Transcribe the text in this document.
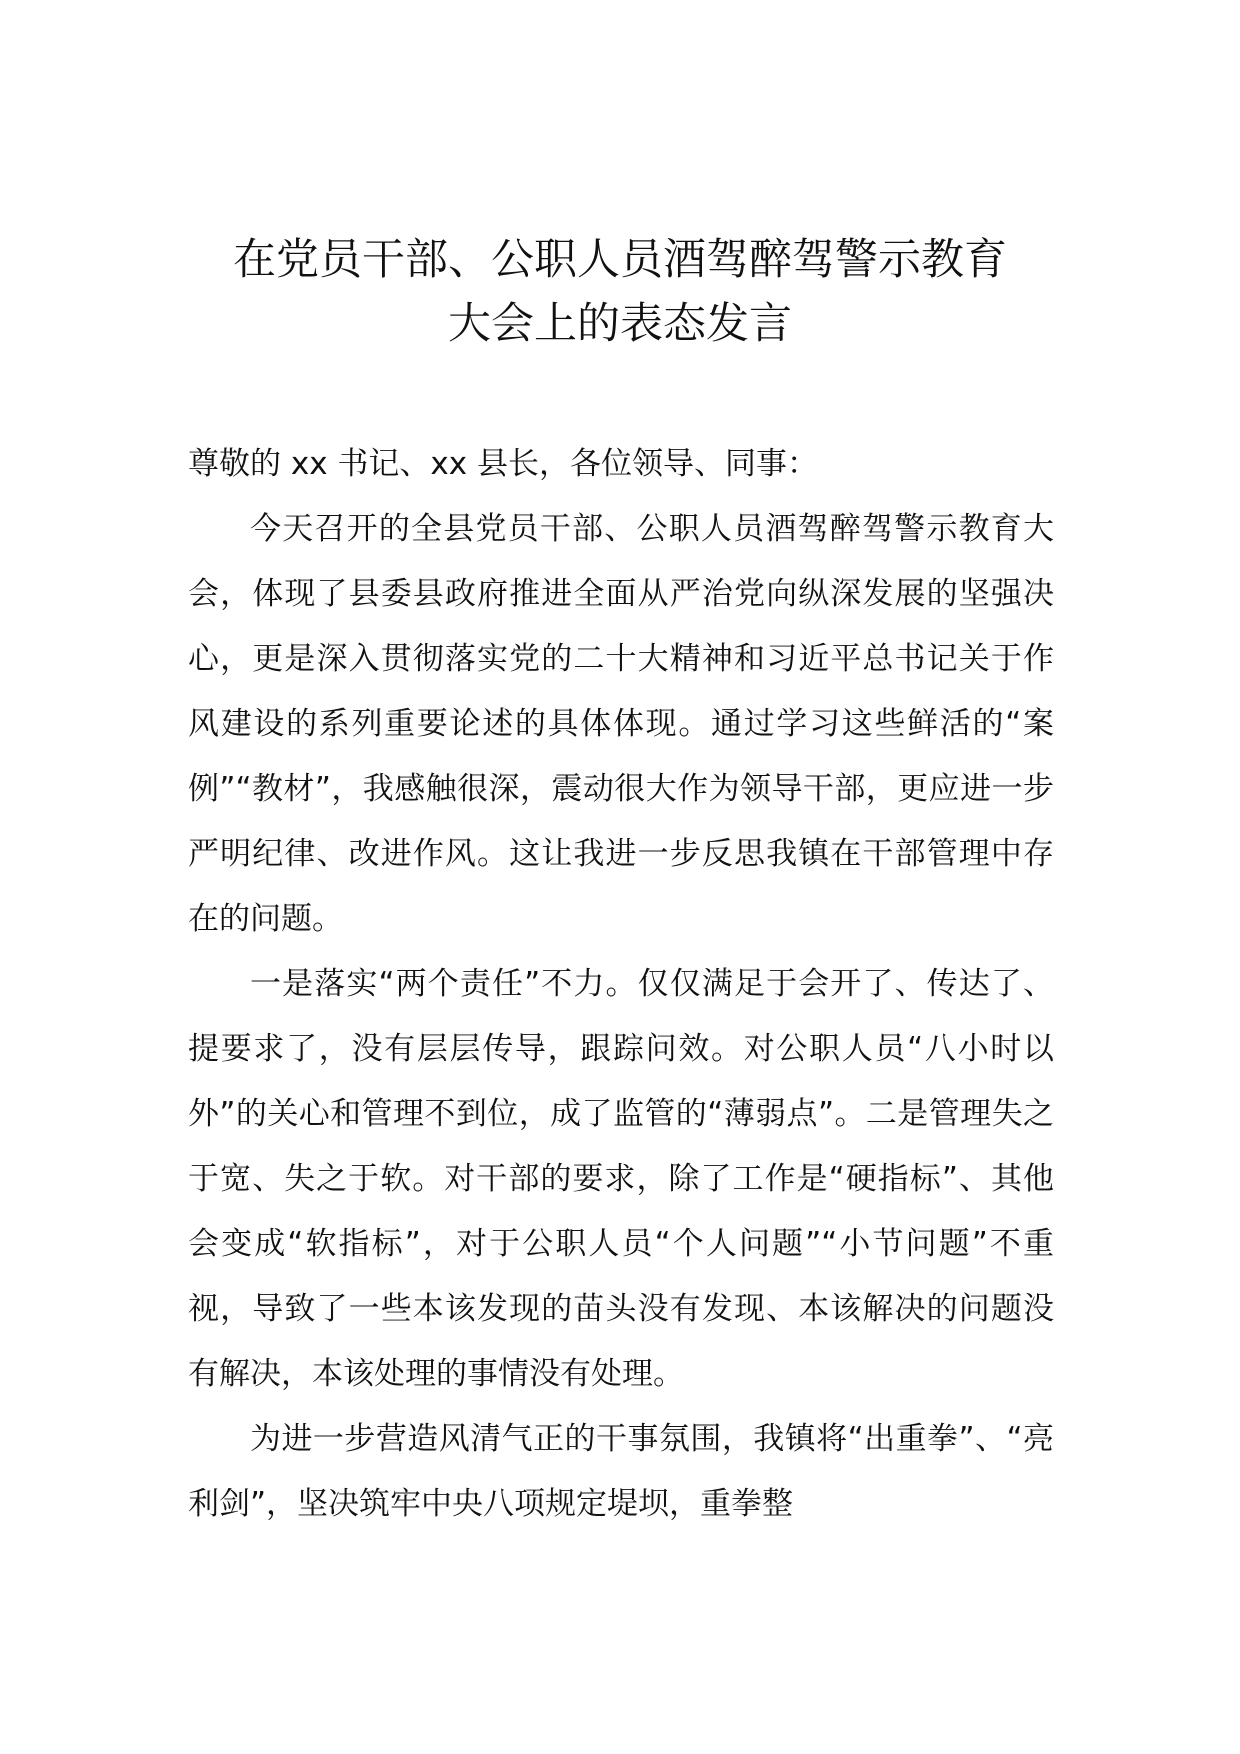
在党员干部、公职人员酒驾醉驾警示教育
大会上的表态发言

尊敬的 xx 书记、xx 县长，各位领导、同事：

今天召开的全县党员干部、公职人员酒驾醉驾警示教育大会，体现了县委县政府推进全面从严治党向纵深发展的坚强决心，更是深入贯彻落实党的二十大精神和习近平总书记关于作风建设的系列重要论述的具体体现。通过学习这些鲜活的“案例”“教材”，我感触很深，震动很大作为领导干部，更应进一步严明纪律、改进作风。这让我进一步反思我镇在干部管理中存在的问题。

一是落实“两个责任”不力。仅仅满足于会开了、传达了、提要求了，没有层层传导，跟踪问效。对公职人员“八小时以外”的关心和管理不到位，成了监管的“薄弱点”。二是管理失之于宽、失之于软。对干部的要求，除了工作是“硬指标”、其他会变成“软指标”，对于公职人员“个人问题”“小节问题”不重视，导致了一些本该发现的苗头没有发现、本该解决的问题没有解决，本该处理的事情没有处理。

为进一步营造风清气正的干事氛围，我镇将“出重拳”、“亮利剑”，坚决筑牢中央八项规定堤坝，重拳整
